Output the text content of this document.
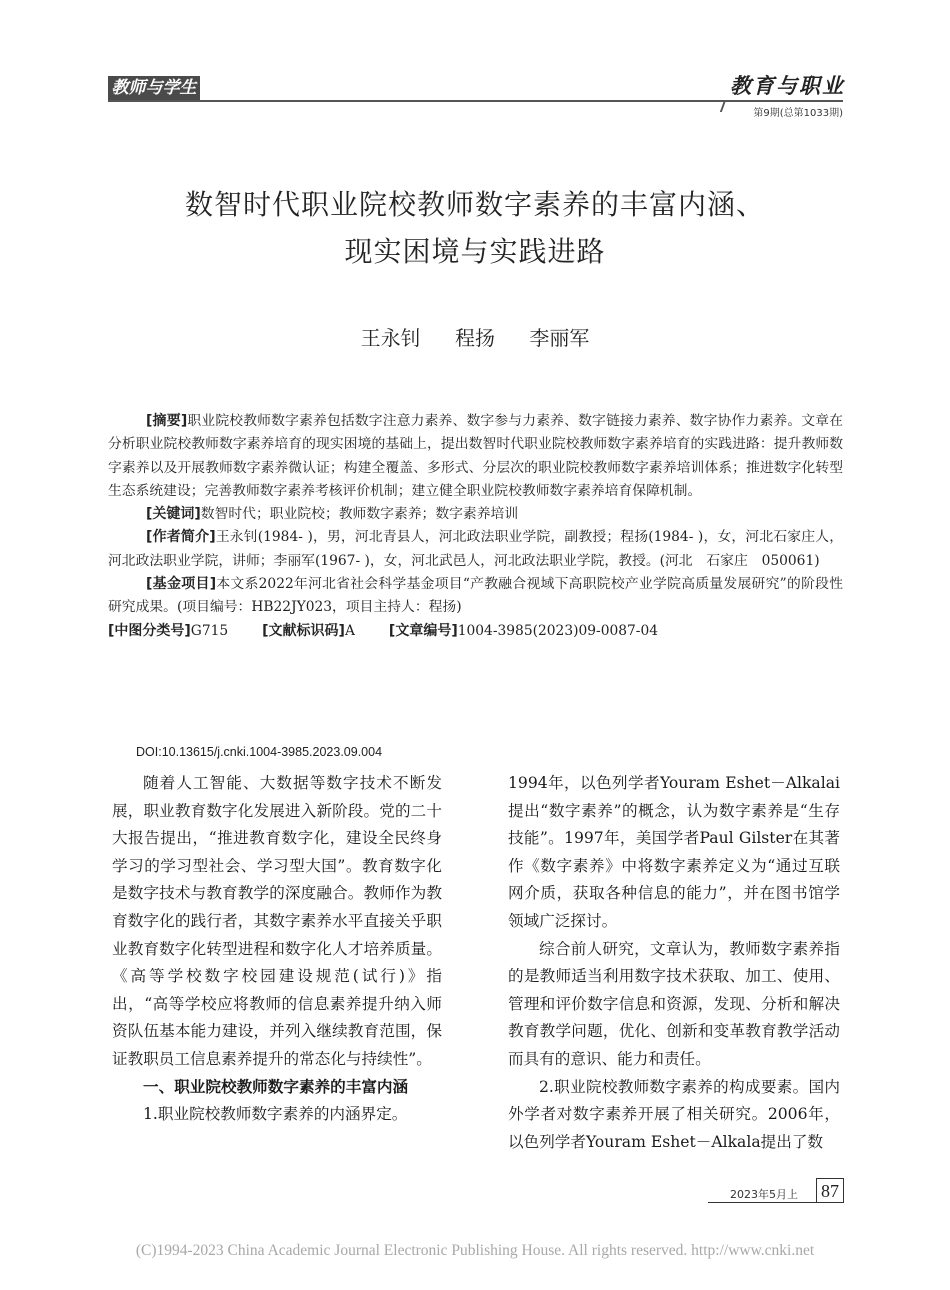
教师与学生	教育与职业
第9期(总第1033期)
数智时代职业院校教师数字素养的丰富内涵、
现实困境与实践进路
王永钊 程扬 李丽军

[摘要]职业院校教师数字素养包括数字注意力素养、数字参与力素养、数字链接力素养、数字协作力素养。文章在分析职业院校教师数字素养培育的现实困境的基础上，提出数智时代职业院校教师数字素养培育的实践进路：提升教师数字素养以及开展教师数字素养微认证；构建全覆盖、多形式、分层次的职业院校教师数字素养培训体系；推进数字化转型生态系统建设；完善教师数字素养考核评价机制；建立健全职业院校教师数字素养培育保障机制。

[关键词]数智时代；职业院校；教师数字素养；数字素养培训

[作者简介]王永钊(1984- )，男，河北青县人，河北政法职业学院，副教授；程扬(1984- )，女，河北石家庄人，河北政法职业学院，讲师；李丽军(1967- )，女，河北武邑人，河北政法职业学院，教授。(河北　石家庄　050061)

[基金项目]本文系2022年河北省社会科学基金项目“产教融合视域下高职院校产业学院高质量发展研究”的阶段性研究成果。(项目编号：HB22JY023，项目主持人：程扬)

[中图分类号]G715 [文献标识码]A [文章编号]1004-3985(2023)09-0087-04

DOI:10.13615/j.cnki.1004-3985.2023.09.004

随着人工智能、大数据等数字技术不断发展，职业教育数字化发展进入新阶段。党的二十大报告提出，“推进教育数字化，建设全民终身学习的学习型社会、学习型大国”。教育数字化是数字技术与教育教学的深度融合。教师作为教育数字化的践行者，其数字素养水平直接关乎职业教育数字化转型进程和数字化人才培养质量。《高等学校数字校园建设规范(试行)》指出，“高等学校应将教师的信息素养提升纳入师资队伍基本能力建设，并列入继续教育范围，保证教职员工信息素养提升的常态化与持续性”。

一、职业院校教师数字素养的丰富内涵

1.职业院校教师数字素养的内涵界定。

1994年，以色列学者Youram Eshet－Alkalai提出“数字素养”的概念，认为数字素养是“生存技能”。1997年，美国学者Paul Gilster在其著作《数字素养》中将数字素养定义为“通过互联网介质，获取各种信息的能力”，并在图书馆学领域广泛探讨。

综合前人研究，文章认为，教师数字素养指的是教师适当利用数字技术获取、加工、使用、管理和评价数字信息和资源，发现、分析和解决教育教学问题，优化、创新和变革教育教学活动而具有的意识、能力和责任。

2.职业院校教师数字素养的构成要素。国内外学者对数字素养开展了相关研究。2006年，以色列学者Youram Eshet－Alkala提出了数

2023年5月上 87
(C)1994-2023 China Academic Journal Electronic Publishing House. All rights reserved. http://www.cnki.net
